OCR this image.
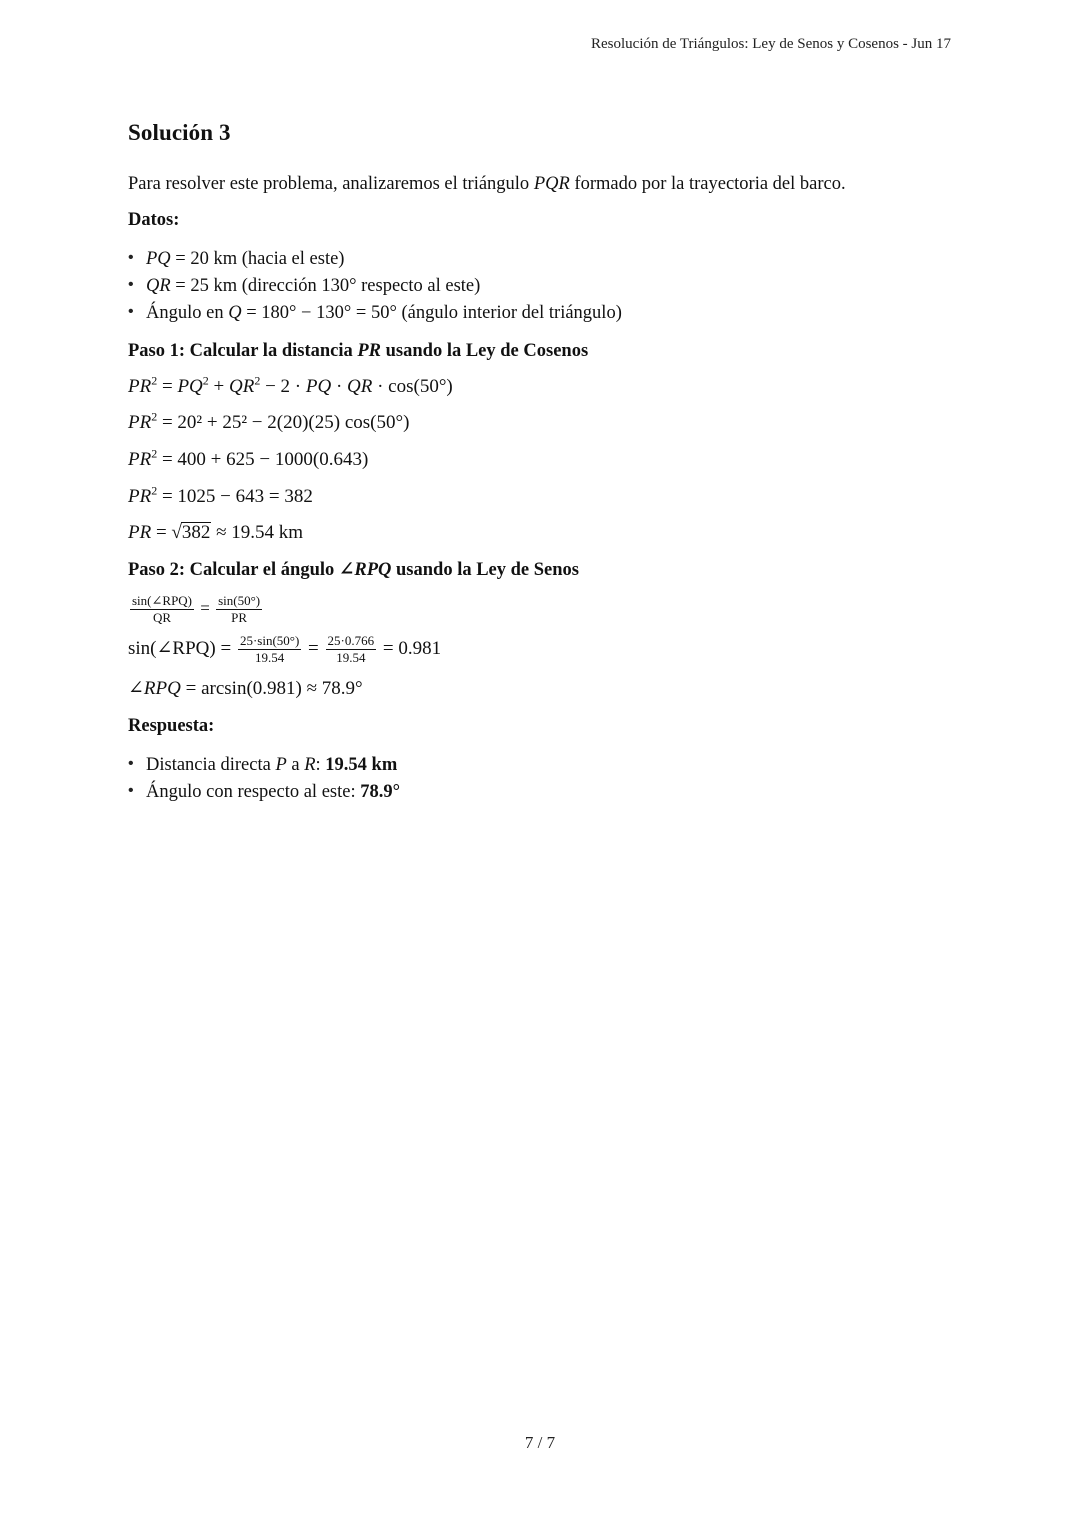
Resolución de Triángulos: Ley de Senos y Cosenos - Jun 17
Solución 3

Para resolver este problema, analizaremos el triángulo PQR formado por la trayectoria del barco.

Datos:

• PQ = 20 km (hacia el este)
• QR = 25 km (dirección 130° respecto al este)
• Ángulo en Q = 180° − 130° = 50° (ángulo interior del triángulo)

Paso 1: Calcular la distancia PR usando la Ley de Cosenos

$PR^2 = PQ^2 + QR^2 - 2$ · PQ · QR · cos(50°)
$PR^2 = 20^2 + 25^2 - 2(20)(25)$ cos(50°)
$PR^2 = 400 + 625 - 1000(0.643)$
$PR^2 = 1025 - 643 = 382$
PR = √382 ≈ 19.54 km

Paso 2: Calcular el ángulo ∠RPQ usando la Ley de Senos

$\frac{\text{sin(∠RPQ)}}{QR} = \frac{\sin(50^\circ)}{PR}$
sin(∠RPQ) = $\frac{25\cdot\sin(50^\circ)}{19.54} = \frac{25\cdot 0.766}{19.54} = 0.981$
∠RPQ = arcsin(0.981) ≈ 78.9°

Respuesta:

• Distancia directa P a R: 19.54 km
• Ángulo con respecto al este: 78.9°
7 / 7
